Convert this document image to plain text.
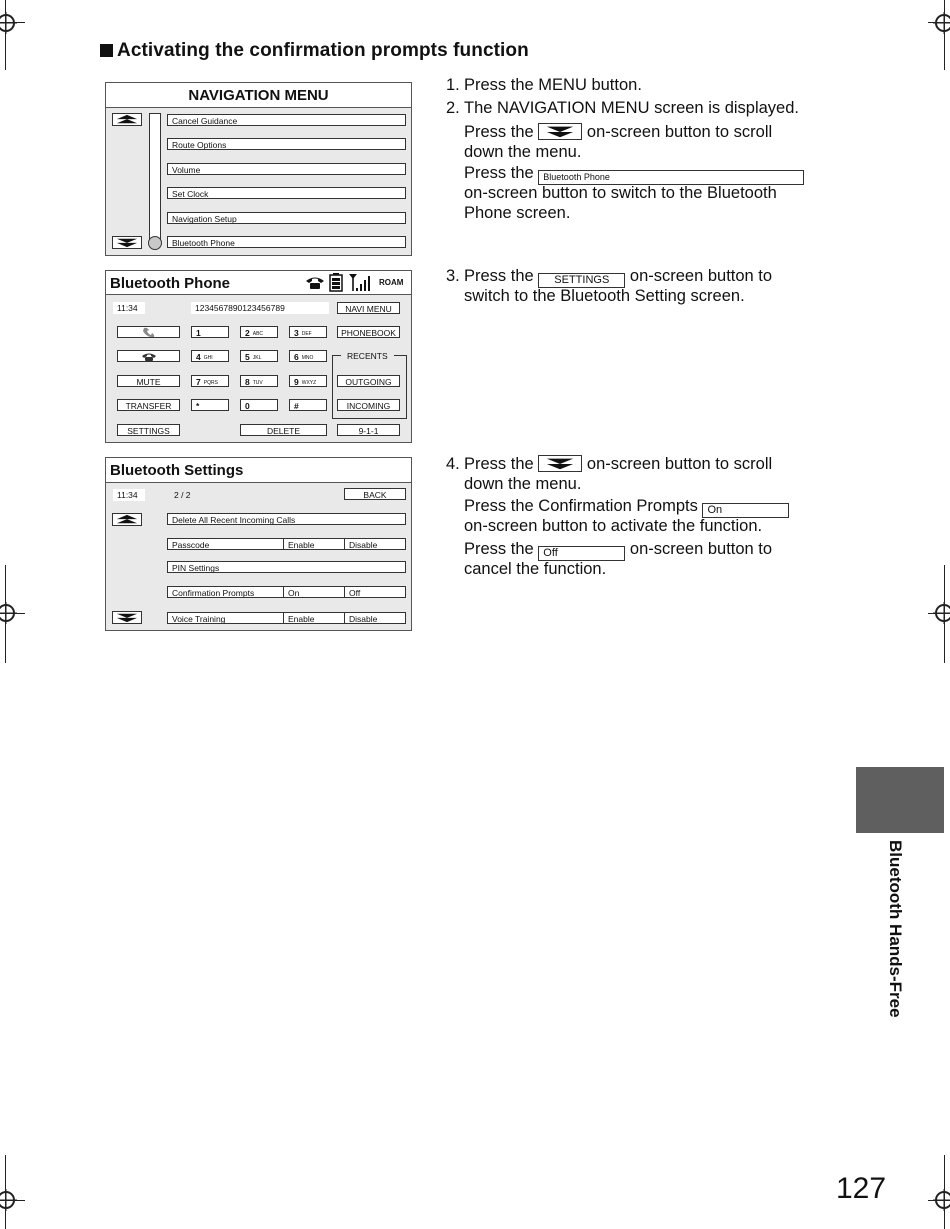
Activating the confirmation prompts function
NAVIGATION MENU
Cancel Guidance
Route Options
Volume
Set Clock
Navigation Setup
Bluetooth Phone
Bluetooth Phone	ROAM
11:34	1234567890123456789	NAVI MENU
PHONEBOOK
MUTE
TRANSFER
SETTINGS
1	2 ABC	3 DEF
4 GHI	5 JKL	6 MNO
7 PQRS	8 TUV	9 WXYZ
*	0	#
DELETE
RECENTS
OUTGOING
INCOMING
9-1-1
Bluetooth Settings
11:34	2 / 2	BACK
Delete All Recent Incoming Calls
Passcode	Enable	Disable
PIN Settings
Confirmation Prompts	On	Off
Voice Training	Enable	Disable
1. Press the MENU button.
2. The NAVIGATION MENU screen is displayed.
Press the	on-screen button to scroll
down the menu.
Press the Bluetooth Phone
on-screen button to switch to the Bluetooth
Phone screen.
3. Press the SETTINGS on-screen button to
switch to the Bluetooth Setting screen.
4. Press the	on-screen button to scroll
down the menu.
Press the Confirmation Prompts On
on-screen button to activate the function.
Press the Off	on-screen button to
cancel the function.
Bluetooth Hands-Free
127
